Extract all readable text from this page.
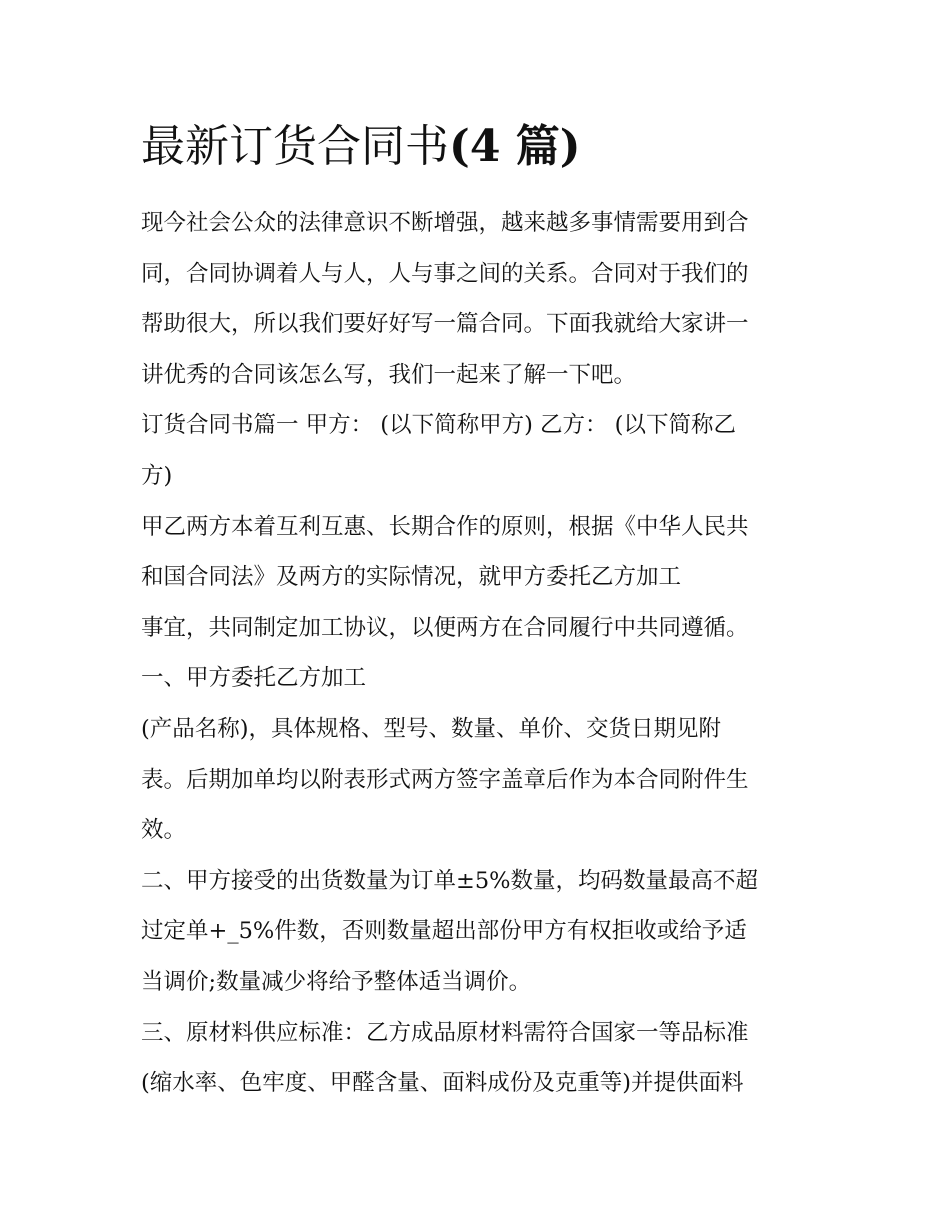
最新订货合同书(4 篇)

现今社会公众的法律意识不断增强，越来越多事情需要用到合

同，合同协调着人与人，人与事之间的关系。合同对于我们的

帮助很大，所以我们要好好写一篇合同。下面我就给大家讲一

讲优秀的合同该怎么写，我们一起来了解一下吧。

订货合同书篇一 甲方： (以下简称甲方) 乙方： (以下简称乙

方)

甲乙两方本着互利互惠、长期合作的原则，根据《中华人民共

和国合同法》及两方的实际情况，就甲方委托乙方加工

事宜，共同制定加工协议，以便两方在合同履行中共同遵循。

一、甲方委托乙方加工

(产品名称)，具体规格、型号、数量、单价、交货日期见附

表。后期加单均以附表形式两方签字盖章后作为本合同附件生

效。

二、甲方接受的出货数量为订单±5%数量，均码数量最高不超

过定单+_5%件数，否则数量超出部份甲方有权拒收或给予适

当调价;数量减少将给予整体适当调价。

三、原材料供应标准：乙方成品原材料需符合国家一等品标准

(缩水率、色牢度、甲醛含量、面料成份及克重等)并提供面料
